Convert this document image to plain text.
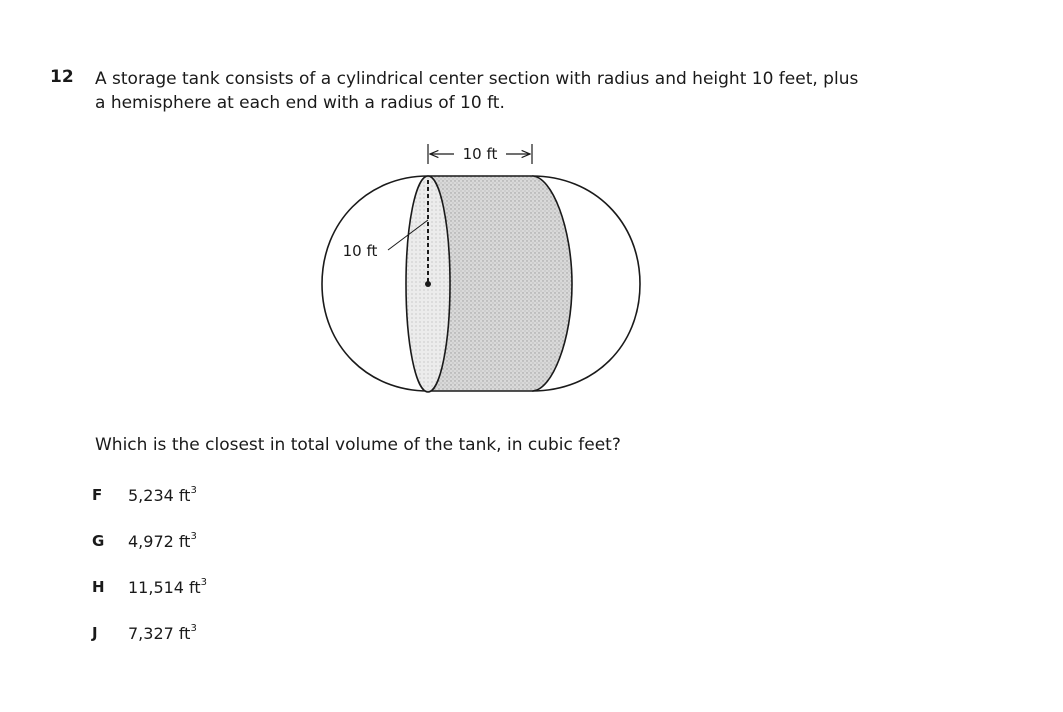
12 A storage tank consists of a cylindrical center section with radius and height 10 feet, plus
a hemisphere at each end with a radius of 10 ft.
10 ft
10 ft
Which is the closest in total volume of the tank, in cubic feet?
F	5,234 $ft^3$
G	4,972 $ft^3$
H	11,514 $ft^3$
J	7,327 $ft^3$
